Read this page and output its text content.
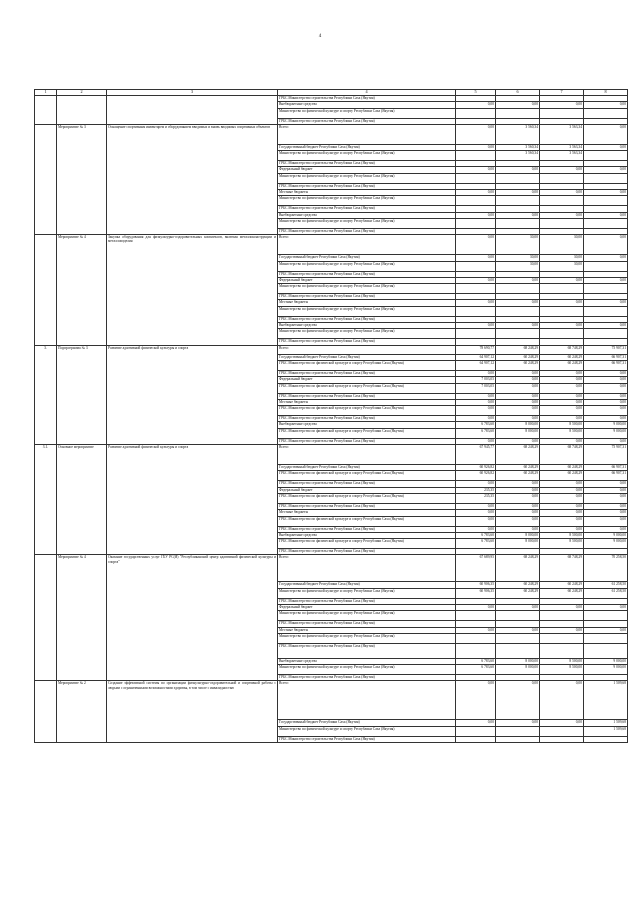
4
1	2	3	4	5	6	7	8
			ГРБС Министерство строительства Республики Саха (Якутия)				
			Внебюджетные средства	0,00	0,00	0,00	0,00
			Министерство по физической культуре и спорту Республики Саха (Якутия)				
			ГРБС Министерство строительства Республики Саха (Якутия)				
	Мероприятие № 3	Оснащение спортивным инвентарем и оборудованием вводимых и вновь вводимых спортивных объектов	Всего:	0,00	3 560,34	3 563,34	0,00
			Государственный бюджет Республики Саха (Якутия)	0,00	3 560,34	3 563,34	0,00
			Министерство по физической культуре и спорту Республики Саха (Якутия)		3 560,34	3 563,34	
			ГРБС Министерство строительства Республики Саха (Якутия)				
			Федеральный бюджет	0,00	0,00	0,00	0,00
			Министерство по физической культуре и спорту Республики Саха (Якутия)				
			ГРБС Министерство строительства Республики Саха (Якутия)				
			Местные бюджеты	0,00	0,00	0,00	0,00
			Министерство по физической культуре и спорту Республики Саха (Якутия)				
			ГРБС Министерство строительства Республики Саха (Якутия)				
			Внебюджетные средства	0,00	0,00	0,00	0,00
			Министерство по физической культуре и спорту Республики Саха (Якутия)				
			ГРБС Министерство строительства Республики Саха (Якутия)				
	Мероприятие № 4	Закупка оборудования для физкультурно-оздоровительных комплексов, включая металлоконструкции и металлоизделия	Всего:	0,00	30,00	30,00	0,00
			Государственный бюджет Республики Саха (Якутия)	0,00	30,00	30,00	0,00
			Министерство по физической культуре и спорту Республики Саха (Якутия)		30,00	30,00	
			ГРБС Министерство строительства Республики Саха (Якутия)				
			Федеральный бюджет	0,00	0,00	0,00	0,00
			Министерство по физической культуре и спорту Республики Саха (Якутия)				
			ГРБС Министерство строительства Республики Саха (Якутия)				
			Местные бюджеты	0,00	0,00	0,00	0,00
			Министерство по физической культуре и спорту Республики Саха (Якутия)				
			ГРБС Министерство строительства Республики Саха (Якутия)				
			Внебюджетные средства	0,00	0,00	0,00	0,00
			Министерство по физической культуре и спорту Республики Саха (Якутия)				
			ГРБС Министерство строительства Республики Саха (Якутия)				
3.	Подпрограмма № 3	Развитие адаптивной физической культуры и спорта	Всего:	78 690,77	68 248,29	68 748,29	75 907,31
			Государственный бюджет Республики Саха (Якутия)	64 907,12	60 248,29	60 248,29	66 907,31
			ГРБС Министерство по физической культуре и спорту Республики Саха (Якутия)	64 907,12	60 248,29	60 248,29	66 907,31
			ГРБС Министерство строительства Республики Саха (Якутия)	0,00	0,00	0,00	0,00
			Федеральный бюджет	7 003,05	0,00	0,00	0,00
			ГРБС Министерство по физической культуре и спорту Республики Саха (Якутия)	7 003,05	0,00	0,00	0,00
			ГРБС Министерство строительства Республики Саха (Якутия)	0,00	0,00	0,00	0,00
			Местные бюджеты	0,00	0,00	0,00	0,00
			ГРБС Министерство по физической культуре и спорту Республики Саха (Якутия)	0,00	0,00	0,00	0,00
			ГРБС Министерство строительства Республики Саха (Якутия)	0,00	0,00	0,00	0,00
			Внебюджетные средства	6 783,60	8 000,00	8 500,00	9 000,00
			ГРБС Министерство по физической культуре и спорту Республики Саха (Якутия)	6 783,60	8 000,00	8 500,00	9 000,00
			ГРБС Министерство строительства Республики Саха (Якутия)	0,00	0,00	0,00	0,00
3.1.	Основное мероприятие	Развитие адаптивной физической культуры и спорта	Всего:	67 945,77	68 248,29	68 748,29	75 907,31
			Государственный бюджет Республики Саха (Якутия)	60 926,82	60 248,29	60 248,29	66 907,31
			ГРБС Министерство по физической культуре и спорту Республики Саха (Якутия)	60 926,82	60 248,29	60 248,29	66 907,31
			ГРБС Министерство строительства Республики Саха (Якутия)	0,00	0,00	0,00	0,00
			Федеральный бюджет	235,35	0,00	0,00	0,00
			ГРБС Министерство по физической культуре и спорту Республики Саха (Якутия)	235,35	0,00	0,00	0,00
			ГРБС Министерство строительства Республики Саха (Якутия)	0,00	0,00	0,00	0,00
			Местные бюджеты	0,00	0,00	0,00	0,00
			ГРБС Министерство по физической культуре и спорту Республики Саха (Якутия)	0,00	0,00	0,00	0,00
			ГРБС Министерство строительства Республики Саха (Якутия)	0,00	0,00	0,00	0,00
			Внебюджетные средства	6 783,60	8 000,00	8 500,00	9 000,00
			ГРБС Министерство по физической культуре и спорту Республики Саха (Якутия)	6 783,60	8 000,00	8 500,00	9 000,00
			ГРБС Министерство строительства Республики Саха (Якутия)				
	Мероприятие № 4	Оказание государственных услуг ГБУ РС(Я) "Республиканский центр адаптивной физической культуры и спорта"	Всего:	67 689,95	68 248,29	68 748,29	70 258,50
			Государственный бюджет Республики Саха (Якутия)	60 906,35	60 248,29	60 248,29	61 258,50
			Министерство по физической культуре и спорту Республики Саха (Якутия)	60 906,35	60 248,29	60 248,29	61 258,50
			ГРБС Министерство строительства Республики Саха (Якутия)				
			Федеральный бюджет	0,00	0,00	0,00	0,00
			Министерство по физической культуре и спорту Республики Саха (Якутия)				
			ГРБС Министерство строительства Республики Саха (Якутия)				
			Местные бюджеты	0,00	0,00	0,00	0,00
			Министерство по физической культуре и спорту Республики Саха (Якутия)				
			ГРБС Министерство строительства Республики Саха (Якутия)				
			Внебюджетные средства	6 783,60	8 000,00	8 500,00	9 000,00
			Министерство по физической культуре и спорту Республики Саха (Якутия)	6 783,60	8 000,00	8 500,00	9 000,00
			ГРБС Министерство строительства Республики Саха (Якутия)				
	Мероприятие № 2	Создание эффективной системы по организации физкультурно-оздоровительной и спортивной работы с людьми с ограниченными возможностями здоровья, в том числе с инвалидностью	Всего:	0,00	0,00	0,00	1 509,68
			Государственный бюджет Республики Саха (Якутия)	0,00	0,00	0,00	1 509,68
			Министерство по физической культуре и спорту Республики Саха (Якутия)				1 509,68
			ГРБС Министерство строительства Республики Саха (Якутия)				
